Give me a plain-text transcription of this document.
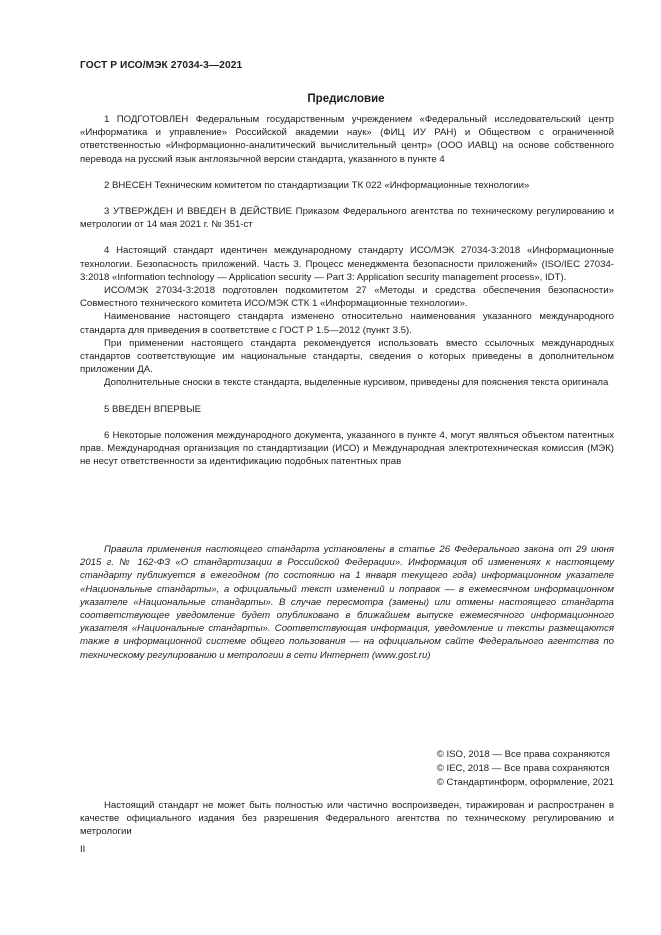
ГОСТ Р ИСО/МЭК 27034-3—2021
Предисловие

1 ПОДГОТОВЛЕН Федеральным государственным учреждением «Федеральный исследовательский центр «Информатика и управление» Российской академии наук» (ФИЦ ИУ РАН) и Обществом с ограниченной ответственностью «Информационно-аналитический вычислительный центр» (ООО ИАВЦ) на основе собственного перевода на русский язык англоязычной версии стандарта, указанного в пункте 4

2 ВНЕСЕН Техническим комитетом по стандартизации ТК 022 «Информационные технологии»

3 УТВЕРЖДЕН И ВВЕДЕН В ДЕЙСТВИЕ Приказом Федерального агентства по техническому регулированию и метрологии от 14 мая 2021 г. № 351-ст

4 Настоящий стандарт идентичен международному стандарту ИСО/МЭК 27034-3:2018 «Информационные технологии. Безопасность приложений. Часть 3. Процесс менеджмента безопасности приложений» (ISO/IEC 27034-3:2018 «Information technology — Application security — Part 3: Application security management process», IDT).

ИСО/МЭК 27034-3:2018 подготовлен подкомитетом 27 «Методы и средства обеспечения безопасности» Совместного технического комитета ИСО/МЭК СТК 1 «Информационные технологии».

Наименование настоящего стандарта изменено относительно наименования указанного международного стандарта для приведения в соответствие с ГОСТ Р 1.5—2012 (пункт 3.5).

При применении настоящего стандарта рекомендуется использовать вместо ссылочных международных стандартов соответствующие им национальные стандарты, сведения о которых приведены в дополнительном приложении ДА.

Дополнительные сноски в тексте стандарта, выделенные курсивом, приведены для пояснения текста оригинала

5 ВВЕДЕН ВПЕРВЫЕ

6 Некоторые положения международного документа, указанного в пункте 4, могут являться объектом патентных прав. Международная организация по стандартизации (ИСО) и Международная электротехническая комиссия (МЭК) не несут ответственности за идентификацию подобных патентных прав

Правила применения настоящего стандарта установлены в статье 26 Федерального закона от 29 июня 2015 г. № 162-ФЗ «О стандартизации в Российской Федерации». Информация об изменениях к настоящему стандарту публикуется в ежегодном (по состоянию на 1 января текущего года) информационном указателе «Национальные стандарты», а официальный текст изменений и поправок — в ежемесячном информационном указателе «Национальные стандарты». В случае пересмотра (замены) или отмены настоящего стандарта соответствующее уведомление будет опубликовано в ближайшем выпуске ежемесячного информационного указателя «Национальные стандарты». Соответствующая информация, уведомление и тексты размещаются также в информационной системе общего пользования — на официальном сайте Федерального агентства по техническому регулированию и метрологии в сети Интернет (www.gost.ru)

© ISO, 2018 — Все права сохраняются
© IEC, 2018 — Все права сохраняются
© Стандартинформ, оформление, 2021

Настоящий стандарт не может быть полностью или частично воспроизведен, тиражирован и распространен в качестве официального издания без разрешения Федерального агентства по техническому регулированию и метрологии

II
